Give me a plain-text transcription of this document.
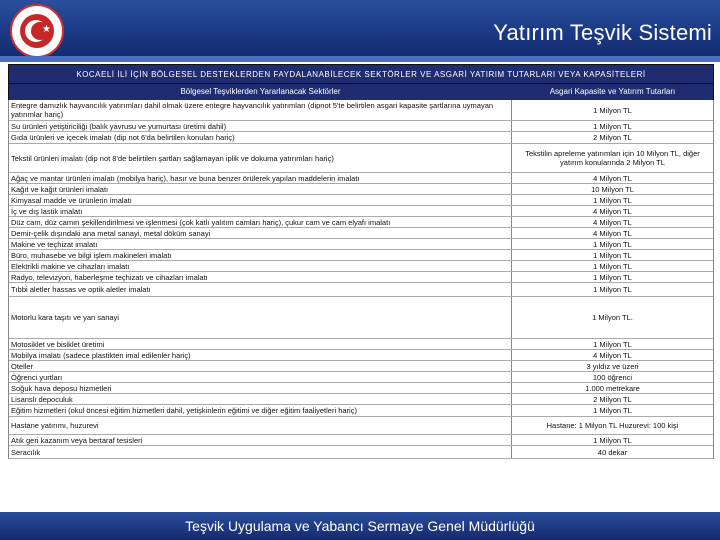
★	Yatırım Teşvik Sistemi
KOCAELİ İLİ İÇİN BÖLGESEL DESTEKLERDEN FAYDALANABİLECEK SEKTÖRLER VE ASGARİ YATIRIM TUTARLARI VEYA KAPASİTELERİ
Bölgesel Teşviklerden Yararlanacak Sektörler	Asgari Kapasite ve Yatırım Tutarları
Entegre damızlık hayvancılık yatırımları dahil olmak üzere entegre hayvancılık yatırımları (dipnot 5'te belirtilen asgari kapasite şartlarına uymayan yatırımlar hariç)	1 Milyon TL
Su ürünleri yetiştiriciliği (balık yavrusu ve yumurtası üretimi dahil)	1 Milyon TL
Gıda ürünleri ve içecek imalatı (dip not 6'da belirtilen konuları hariç)	2 Milyon TL
Tekstil ürünleri imalatı (dip not 8'de belirtilen şartları sağlamayan iplik ve dokuma yatırımları hariç)	Tekstilin apreleme yatırımları için 10 Milyon TL, diğer yatırım konularında 2 Milyon TL
Ağaç ve mantar ürünleri imalatı (mobilya hariç), hasır ve buna benzer örülerek yapılan maddelerin imalatı	4 Milyon TL
Kağıt ve kağıt ürünleri imalatı	10 Milyon TL
Kimyasal madde ve ürünlerin imalatı	1 Milyon TL
İç ve dış lastik imalatı	4 Milyon TL
Düz cam, düz camın şekillendirilmesi ve işlenmesi (çok katlı yalıtım camları hariç), çukur cam ve cam elyafı imalatı	4 Milyon TL
Demir-çelik dışındaki ana metal sanayi, metal döküm sanayi	4 Milyon TL
Makine ve teçhizat imalatı	1 Milyon TL
Büro, muhasebe ve bilgi işlem makineleri imalatı	1 Milyon TL
Elektrikli makine ve cihazları imalatı	1 Milyon TL
Radyo, televizyon, haberleşme teçhizatı ve cihazları imalatı	1 Milyon TL
Tıbbi aletler hassas ve optik aletler imalatı	1 Milyon TL
Motorlu kara taşıtı ve yan sanayi	1 Milyon TL.
Motosiklet ve bisiklet üretimi	1 Milyon TL
Mobilya imalatı (sadece plastikten imal edilenler hariç)	4 Milyon TL
Oteller	3 yıldız ve üzeri
Öğrenci yurtları	100 öğrenci
Soğuk hava deposu hizmetleri	1.000 metrekare
Lisanslı depoculuk	2 Milyon TL
Eğitim hizmetleri (okul öncesi eğitim hizmetleri dahil, yetişkinlerin eğitimi ve diğer eğitim faaliyetleri hariç)	1 Milyon TL
Hastane yatırımı, huzurevi	Hastane: 1 Milyon TL Huzurevi: 100 kişi
Atık geri kazanım veya bertaraf tesisleri	1 Milyon TL
Seracılık	40 dekar
Teşvik Uygulama ve Yabancı Sermaye Genel Müdürlüğü
